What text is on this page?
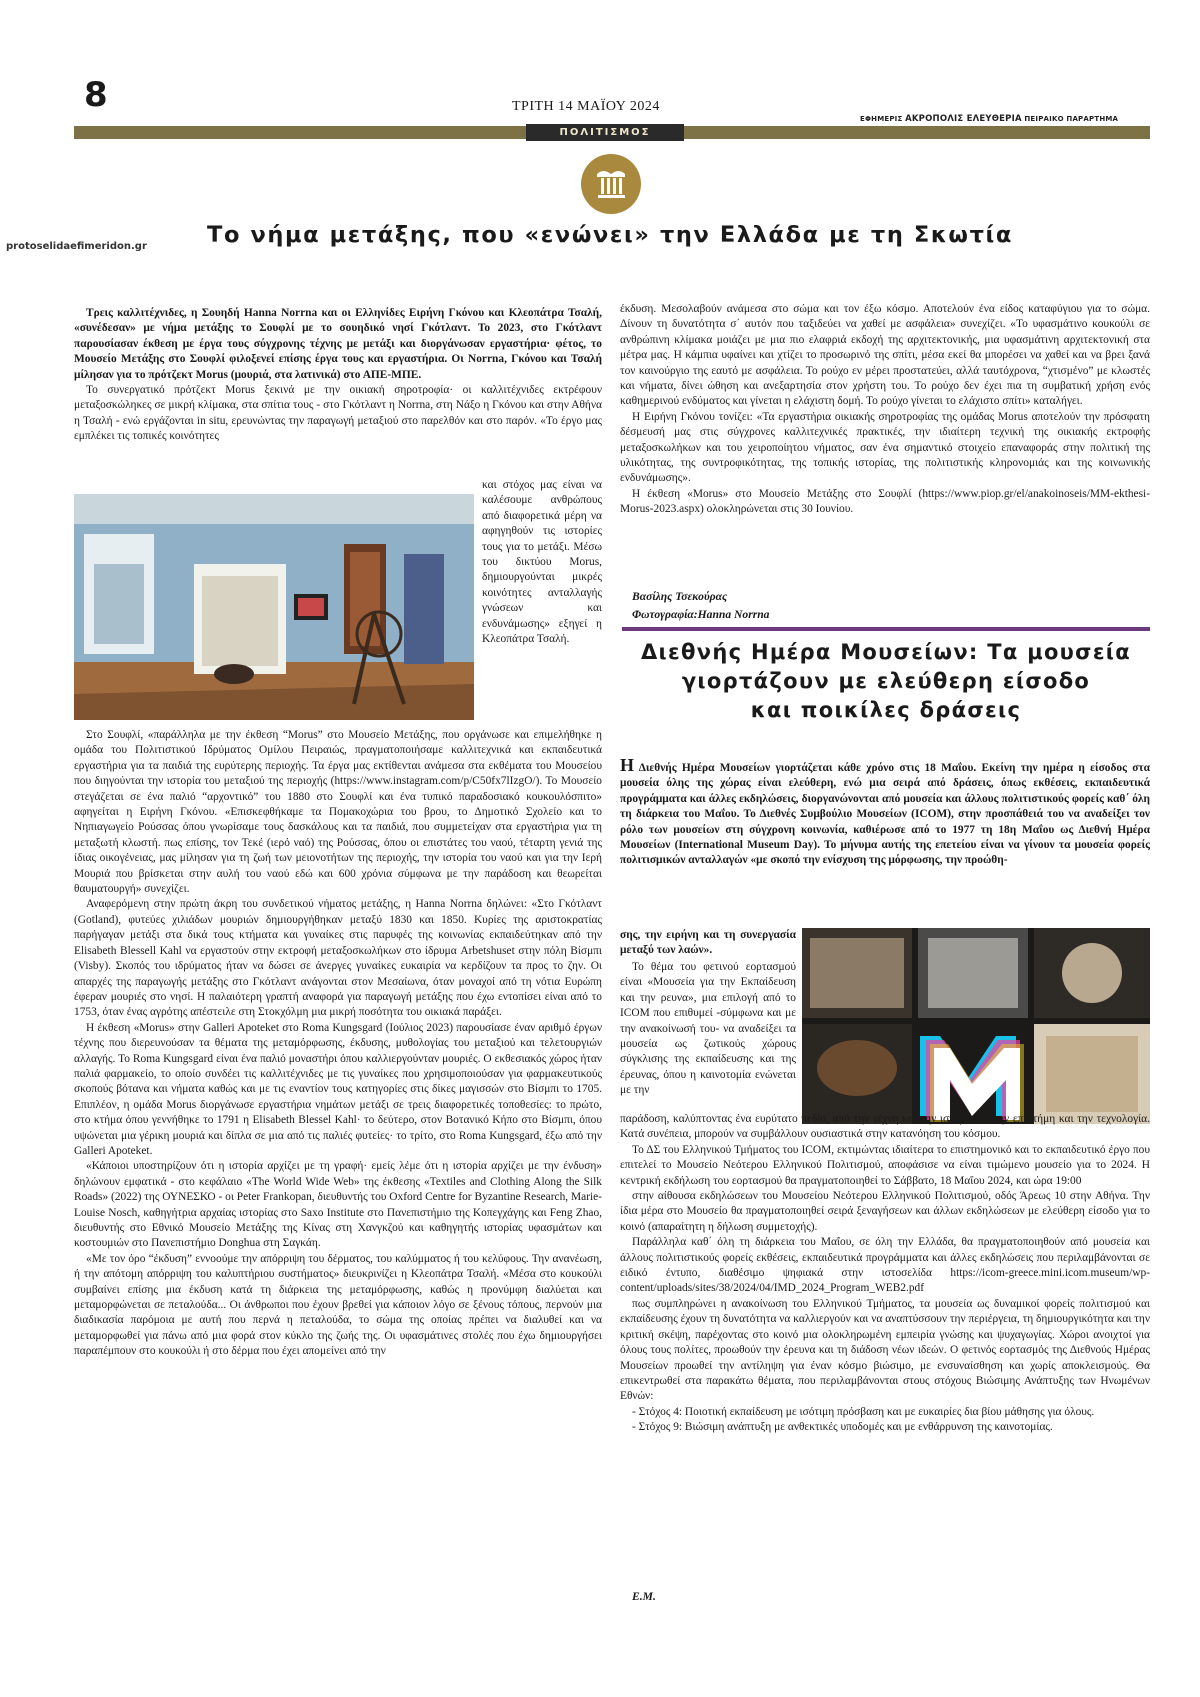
8	ΤΡΙΤΗ 14 ΜΑΪΟΥ 2024
ΕΦΗΜΕΡΙΣ ΑΚΡΟΠΟΛΙΣ ΕΛΕΥΘΕΡΙΑ ΠΕΙΡΑΙΚΟ ΠΑΡΑΡΤΗΜΑ
ΠΟΛΙΤΙΣΜΟΣ
protoselidaefimeridon.gr	Το νήμα μετάξης, που «ενώνει» την Ελλάδα με τη Σκωτία

Τρεις καλλιτέχνιδες, η Σουηδή Hanna Norrna και οι Ελληνίδες Ειρήνη Γκόνου και Κλεοπάτρα Τσαλή, «συνέδεσαν» με νήμα μετάξης το Σουφλί με το σουηδικό νησί Γκότλαντ. Το 2023, στο Γκότλαντ παρουσίασαν έκθεση με έργα τους σύγχρονης τέχνης με μετάξι και διοργάνωσαν εργαστήρια· φέτος, το Μουσείο Μετάξης στο Σουφλί φιλοξενεί επίσης έργα τους και εργαστήρια. Οι Norrna, Γκόνου και Τσαλή μίλησαν για το πρότζεκτ Morus (μουριά, στα λατινικά) στο ΑΠΕ-ΜΠΕ.

Το συνεργατικό πρότζεκτ Morus ξεκινά με την οικιακή σηροτροφία· οι καλλιτέχνιδες εκτρέφουν μεταξοσκώληκες σε μικρή κλίμακα, στα σπίτια τους - στο Γκότλαντ η Norrna, στη Νάξο η Γκόνου και στην Αθήνα η Τσαλή - ενώ εργάζονται in situ, ερευνώντας την παραγωγή μεταξιού στο παρελθόν και στο παρόν. «Το έργο μας εμπλέκει τις τοπικές κοινότητες

και στόχος μας είναι να καλέσουμε ανθρώπους από διαφορετικά μέρη να αφηγηθούν τις ιστορίες τους για το μετάξι. Μέσω του δικτύου Morus, δημιουργούνται μικρές κοινότητες ανταλλαγής γνώσεων και ενδυνάμωσης» εξηγεί η Κλεοπάτρα Τσαλή.

Στο Σουφλί, «παράλληλα με την έκθεση “Morus” στο Μουσείο Μετάξης, που οργάνωσε και επιμελήθηκε η ομάδα του Πολιτιστικού Ιδρύματος Ομίλου Πειραιώς, πραγματοποιήσαμε καλλιτεχνικά και εκπαιδευτικά εργαστήρια για τα παιδιά της ευρύτερης περιοχής. Τα έργα μας εκτίθενται ανάμεσα στα εκθέματα του Μουσείου που διηγούνται την ιστορία του μεταξιού της περιοχής (https://www.instagram.com/p/C50fx7lIzgO/). Το Μουσείο στεγάζεται σε ένα παλιό “αρχοντικό” του 1880 στο Σουφλί και ένα τυπικό παραδοσιακό κουκουλόσπιτο» αφηγείται η Ειρήνη Γκόνου. «Επισκεφθήκαμε τα Πομακοχώρια του βρου, το Δημοτικό Σχολείο και το Νηπιαγωγείο Ρούσσας όπου γνωρίσαμε τους δασκάλους και τα παιδιά, που συμμετείχαν στα εργαστήρια για τη μεταξωτή κλωστή. πως επίσης, τον Τεκέ (ιερό ναό) της Ρούσσας, όπου οι επιστάτες του ναού, τέταρτη γενιά της ίδιας οικογένειας, μας μίλησαν για τη ζωή των μειονοτήτων της περιοχής, την ιστορία του ναού και για την Ιερή Μουριά που βρίσκεται στην αυλή του ναού εδώ και 600 χρόνια σύμφωνα με την παράδοση και θεωρείται θαυματουργή» συνεχίζει.

Αναφερόμενη στην πρώτη άκρη του συνδετικού νήματος μετάξης, η Hanna Norrna δηλώνει: «Στο Γκότλαντ (Gotland), φυτεύες χιλιάδων μουριών δημιουργήθηκαν μεταξύ 1830 και 1850. Κυρίες της αριστοκρατίας παρήγαγαν μετάξι στα δικά τους κτήματα και γυναίκες στις παρυφές της κοινωνίας εκπαιδεύτηκαν από την Elisabeth Blessell Kahl να εργαστούν στην εκτροφή μεταξοσκωλήκων στο ίδρυμα Arbetshuset στην πόλη Βίσμπι (Visby). Σκοπός του ιδρύματος ήταν να δώσει σε άνεργες γυναίκες ευκαιρία να κερδίζουν τα προς το ζην. Οι απαρχές της παραγωγής μετάξης στο Γκότλαντ ανάγονται στον Μεσαίωνα, όταν μοναχοί από τη νότια Ευρώπη έφεραν μουριές στο νησί. Η παλαιότερη γραπτή αναφορά για παραγωγή μετάξης που έχω εντοπίσει είναι από το 1753, όταν ένας αγρότης απέστειλε στη Στοκχόλμη μια μικρή ποσότητα του οικιακά παράξει.

Η έκθεση «Morus» στην Galleri Apoteket στο Roma Kungsgard (Ιούλιος 2023) παρουσίασε έναν αριθμό έργων τέχνης που διερευνούσαν τα θέματα της μεταμόρφωσης, έκδυσης, μυθολογίας του μεταξιού και τελετουργιών αλλαγής. Το Roma Kungsgard είναι ένα παλιό μοναστήρι όπου καλλιεργούνταν μουριές. Ο εκθεσιακός χώρος ήταν παλιά φαρμακείο, το οποίο συνδέει τις καλλιτέχνιδες με τις γυναίκες που χρησιμοποιούσαν για φαρμακευτικούς σκοπούς βότανα και νήματα καθώς και με τις εναντίον τους κατηγορίες στις δίκες μαγισσών στο Βίσμπι το 1705. Επιπλέον, η ομάδα Morus διοργάνωσε εργαστήρια νημάτων μετάξι σε τρεις διαφορετικές τοποθεσίες: το πρώτο, στο κτήμα όπου γεννήθηκε το 1791 η Elisabeth Blessel Kahl· το δεύτερο, στον Βοτανικό Κήπο στο Βίσμπι, όπου υψώνεται μια γέρικη μουριά και δίπλα σε μια από τις παλιές φυτείες· το τρίτο, στο Roma Kungsgard, έξω από την Galleri Apoteket.

«Κάποιοι υποστηρίζουν ότι η ιστορία αρχίζει με τη γραφή· εμείς λέμε ότι η ιστορία αρχίζει με την ένδυση» δηλώνουν εμφατικά - στο κεφάλαιο «The World Wide Web» της έκθεσης «Textiles and Clothing Along the Silk Roads» (2022) της ΟΥΝΕΣΚΟ - οι Peter Frankopan, διευθυντής του Oxford Centre for Byzantine Research, Marie-Louise Nosch, καθηγήτρια αρχαίας ιστορίας στο Saxo Institute στο Πανεπιστήμιο της Κοπεγχάγης και Feng Zhao, διευθυντής στο Εθνικό Μουσείο Μετάξης της Κίνας στη Χανγκζού και καθηγητής ιστορίας υφασμάτων και κοστουμιών στο Πανεπιστήμιο Donghua στη Σαγκάη.

«Με τον όρο “έκδυση” εννοούμε την απόρριψη του δέρματος, του καλύμματος ή του κελύφους. Την ανανέωση, ή την απότομη απόρριψη του καλυπτήριου συστήματος» διευκρινίζει η Κλεοπάτρα Τσαλή. «Μέσα στο κουκούλι συμβαίνει επίσης μια έκδυση κατά τη διάρκεια της μεταμόρφωσης, καθώς η προνύμφη διαλύεται και μεταμορφώνεται σε πεταλούδα... Οι άνθρωποι που έχουν βρεθεί για κάποιον λόγο σε ξένους τόπους, περνούν μια διαδικασία παρόμοια με αυτή που περνά η πεταλούδα, το σώμα της οποίας πρέπει να διαλυθεί και να μεταμορφωθεί για πάνω από μια φορά στον κύκλο της ζωής της. Οι υφασμάτινες στολές που έχω δημιουργήσει παραπέμπουν στο κουκούλι ή στο δέρμα που έχει απομείνει από την

έκδυση. Μεσολαβούν ανάμεσα στο σώμα και τον έξω κόσμο. Αποτελούν ένα είδος καταφύγιου για το σώμα. Δίνουν τη δυνατότητα σ΄ αυτόν που ταξιδεύει να χαθεί με ασφάλεια» συνεχίζει. «Το υφασμάτινο κουκούλι σε ανθρώπινη κλίμακα μοιάζει με μια πιο ελαφριά εκδοχή της αρχιτεκτονικής, μια υφασμάτινη αρχιτεκτονική στα μέτρα μας. Η κάμπια υφαίνει και χτίζει το προσωρινό της σπίτι, μέσα εκεί θα μπορέσει να χαθεί και να βρει ξανά τον καινούργιο της εαυτό με ασφάλεια. Το ρούχο εν μέρει προστατεύει, αλλά ταυτόχρονα, “χτισμένο” με κλωστές και νήματα, δίνει ώθηση και ανεξαρτησία στον χρήστη του. Το ρούχο δεν έχει πια τη συμβατική χρήση ενός καθημερινού ενδύματος και γίνεται η ελάχιστη δομή. Το ρούχο γίνεται το ελάχιστο σπίτι» καταλήγει.

Η Ειρήνη Γκόνου τονίζει: «Τα εργαστήρια οικιακής σηροτροφίας της ομάδας Morus αποτελούν την πρόσφατη δέσμευσή μας στις σύγχρονες καλλιτεχνικές πρακτικές, την ιδιαίτερη τεχνική της οικιακής εκτροφής μεταξοσκωλήκων και του χειροποίητου νήματος, σαν ένα σημαντικό στοιχείο επαναφοράς στην πολιτική της υλικότητας, της συντροφικότητας, της τοπικής ιστορίας, της πολιτιστικής κληρονομιάς και της κοινωνικής ενδυνάμωσης».

Η έκθεση «Morus» στο Μουσείο Μετάξης στο Σουφλί (https://www.piop.gr/el/anakoinoseis/MM-ekthesi-Morus-2023.aspx) ολοκληρώνεται στις 30 Ιουνίου.

Βασίλης Τσεκούρας
Φωτογραφία:Hanna Norrna
Διεθνής Ημέρα Μουσείων: Τα μουσεία
γιορτάζουν με ελεύθερη είσοδο
και ποικίλες δράσεις
Η Διεθνής Ημέρα Μουσείων γιορτάζεται κάθε χρόνο στις 18 Μαΐου. Εκείνη την ημέρα η είσοδος στα μουσεία όλης της χώρας είναι ελεύθερη, ενώ μια σειρά από δράσεις, όπως εκθέσεις, εκπαιδευτικά προγράμματα και άλλες εκδηλώσεις, διοργανώνονται από μουσεία και άλλους πολιτιστικούς φορείς καθ΄ όλη τη διάρκεια του Μαΐου. Το Διεθνές Συμβούλιο Μουσείων (ICOM), στην προσπάθειά του να αναδείξει τον ρόλο των μουσείων στη σύγχρονη κοινωνία, καθιέρωσε από το 1977 τη 18η Μαΐου ως Διεθνή Ημέρα Μουσείων (International Museum Day). Το μήνυμα αυτής της επετείου είναι να γίνουν τα μουσεία φορείς πολιτισμικών ανταλλαγών «με σκοπό την ενίσχυση της μόρφωσης, την προώθη-
σης, την ειρήνη και τη συνεργασία μεταξύ των λαών».

Το θέμα του φετινού εορτασμού είναι «Μουσεία για την Εκπαίδευση και την ρευνα», μια επιλογή από το ICOM που επιθυμεί -σύμφωνα και με την ανακοίνωσή του- να αναδείξει τα μουσεία ως ζωτικούς χώρους σύγκλισης της εκπαίδευσης και της έρευνας, όπου η καινοτομία ενώνεται με την

παράδοση, καλύπτοντας ένα ευρύτατο πεδίο, από την τέχνη και την ιστορία ως την επιστήμη και την τεχνολογία. Κατά συνέπεια, μπορούν να συμβάλλουν ουσιαστικά στην κατανόηση του κόσμου.

Το ΔΣ του Ελληνικού Τμήματος του ICOM, εκτιμώντας ιδιαίτερα το επιστημονικό και το εκπαιδευτικό έργο που επιτελεί το Μουσείο Νεότερου Ελληνικού Πολιτισμού, αποφάσισε να είναι τιμώμενο μουσείο για το 2024. Η κεντρική εκδήλωση του εορτασμού θα πραγματοποιηθεί το Σάββατο, 18 Μαΐου 2024, και ώρα 19:00

στην αίθουσα εκδηλώσεων του Μουσείου Νεότερου Ελληνικού Πολιτισμού, οδός Άρεως 10 στην Αθήνα. Την ίδια μέρα στο Μουσείο θα πραγματοποιηθεί σειρά ξεναγήσεων και άλλων εκδηλώσεων με ελεύθερη είσοδο για το κοινό (απαραίτητη η δήλωση συμμετοχής).

Παράλληλα καθ΄ όλη τη διάρκεια του Μαΐου, σε όλη την Ελλάδα, θα πραγματοποιηθούν από μουσεία και άλλους πολιτιστικούς φορείς εκθέσεις, εκπαιδευτικά προγράμματα και άλλες εκδηλώσεις που περιλαμβάνονται σε ειδικό έντυπο, διαθέσιμο ψηφιακά στην ιστοσελίδα https://icom-greece.mini.icom.museum/wp-content/uploads/sites/38/2024/04/IMD_2024_Program_WEB2.pdf

πως συμπληρώνει η ανακοίνωση του Ελληνικού Τμήματος, τα μουσεία ως δυναμικοί φορείς πολιτισμού και εκπαίδευσης έχουν τη δυνατότητα να καλλιεργούν και να αναπτύσσουν την περιέργεια, τη δημιουργικότητα και την κριτική σκέψη, παρέχοντας στο κοινό μια ολοκληρωμένη εμπειρία γνώσης και ψυχαγωγίας. Χώροι ανοιχτοί για όλους τους πολίτες, προωθούν την έρευνα και τη διάδοση νέων ιδεών. Ο φετινός εορτασμός της Διεθνούς Ημέρας Μουσείων προωθεί την αντίληψη για έναν κόσμο βιώσιμο, με ενσυναίσθηση και χωρίς αποκλεισμούς. Θα επικεντρωθεί στα παρακάτω θέματα, που περιλαμβάνονται στους στόχους Βιώσιμης Ανάπτυξης των Ηνωμένων Εθνών:

- Στόχος 4: Ποιοτική εκπαίδευση με ισότιμη πρόσβαση και με ευκαιρίες δια βίου μάθησης για όλους.

- Στόχος 9: Βιώσιμη ανάπτυξη με ανθεκτικές υποδομές και με ενθάρρυνση της καινοτομίας.

Ε.Μ.
